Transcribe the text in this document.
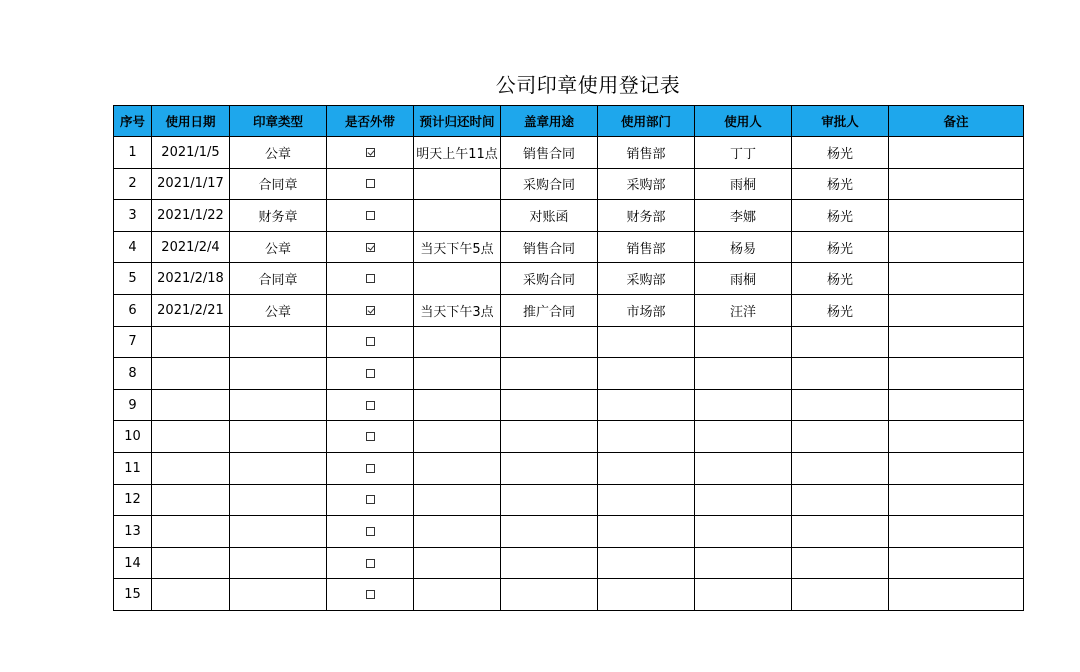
公司印章使用登记表
序号	使用日期	印章类型	是否外带	预计归还时间	盖章用途	使用部门	使用人	审批人	备注
1	2021/1/5	公章		明天上午11点	销售合同	销售部	丁丁	杨光	
2	2021/1/17	合同章			采购合同	采购部	雨桐	杨光	
3	2021/1/22	财务章			对账函	财务部	李娜	杨光	
4	2021/2/4	公章		当天下午5点	销售合同	销售部	杨易	杨光	
5	2021/2/18	合同章			采购合同	采购部	雨桐	杨光	
6	2021/2/21	公章		当天下午3点	推广合同	市场部	汪洋	杨光	
7									
8									
9									
10									
11									
12									
13									
14									
15									
